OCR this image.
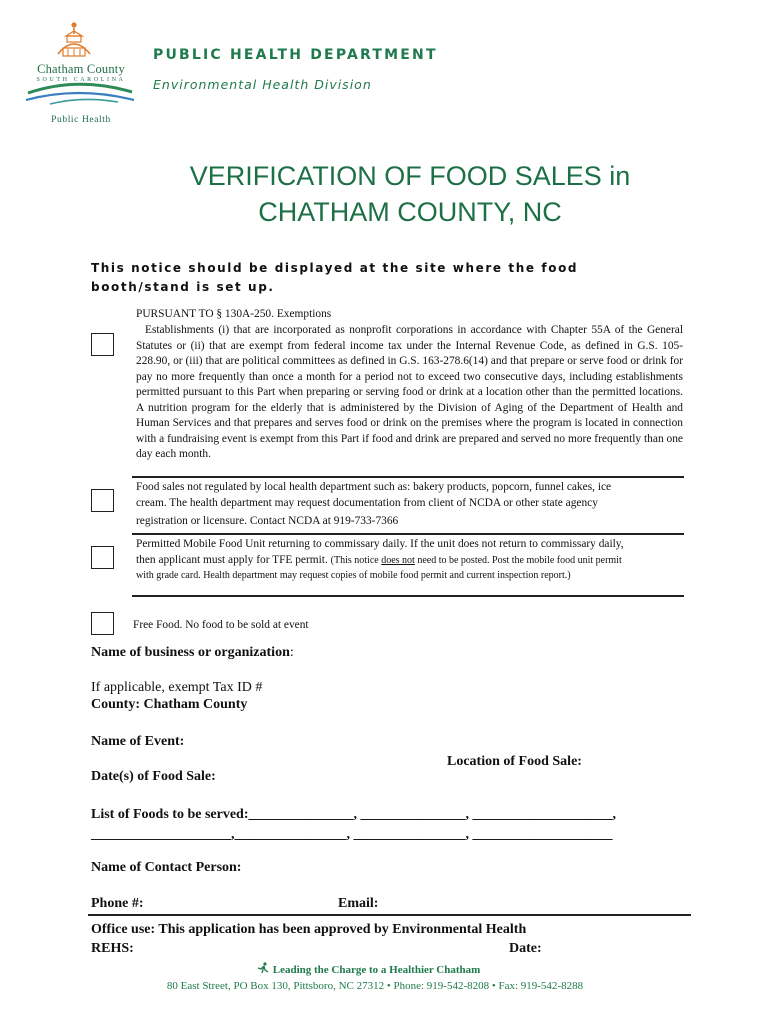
Chatham County
SOUTH CAROLINA
Public Health
PUBLIC HEALTH DEPARTMENT
Environmental Health Division
VERIFICATION OF FOOD SALES in
CHATHAM COUNTY, NC
This notice should be displayed at the site where the food booth/stand is set up.
PURSUANT TO § 130A-250. Exemptions
Establishments (i) that are incorporated as nonprofit corporations in accordance with Chapter 55A of the General Statutes or (ii) that are exempt from federal income tax under the Internal Revenue Code, as defined in G.S. 105-228.90, or (iii) that are political committees as defined in G.S. 163-278.6(14) and that prepare or serve food or drink for pay no more frequently than once a month for a period not to exceed two consecutive days, including establishments permitted pursuant to this Part when preparing or serving food or drink at a location other than the permitted locations. A nutrition program for the elderly that is administered by the Division of Aging of the Department of Health and Human Services and that prepares and serves food or drink on the premises where the program is located in connection with a fundraising event is exempt from this Part if food and drink are prepared and served no more frequently than one day each month.
Food sales not regulated by local health department such as: bakery products, popcorn, funnel cakes, ice
cream. The health department may request documentation from client of NCDA or other state agency
registration or licensure. Contact NCDA at 919-733-7366
Permitted Mobile Food Unit returning to commissary daily. If the unit does not return to commissary daily,
then applicant must apply for TFE permit. (This notice does not need to be posted. Post the mobile food unit permit
with grade card. Health department may request copies of mobile food permit and current inspection report.)
Free Food. No food to be sold at event
Name of business or organization:
If applicable, exempt Tax ID #
County: Chatham County
Name of Event:
Location of Food Sale:
Date(s) of Food Sale:
List of Foods to be served:_______________, _______________, ____________________,
____________________,________________, ________________, ____________________
Name of Contact Person:
Phone #:	Email:
Office use: This application has been approved by Environmental Health
REHS:	Date:
Leading the Charge to a Healthier Chatham
80 East Street, PO Box 130, Pittsboro, NC 27312 • Phone: 919-542-8208 • Fax: 919-542-8288
